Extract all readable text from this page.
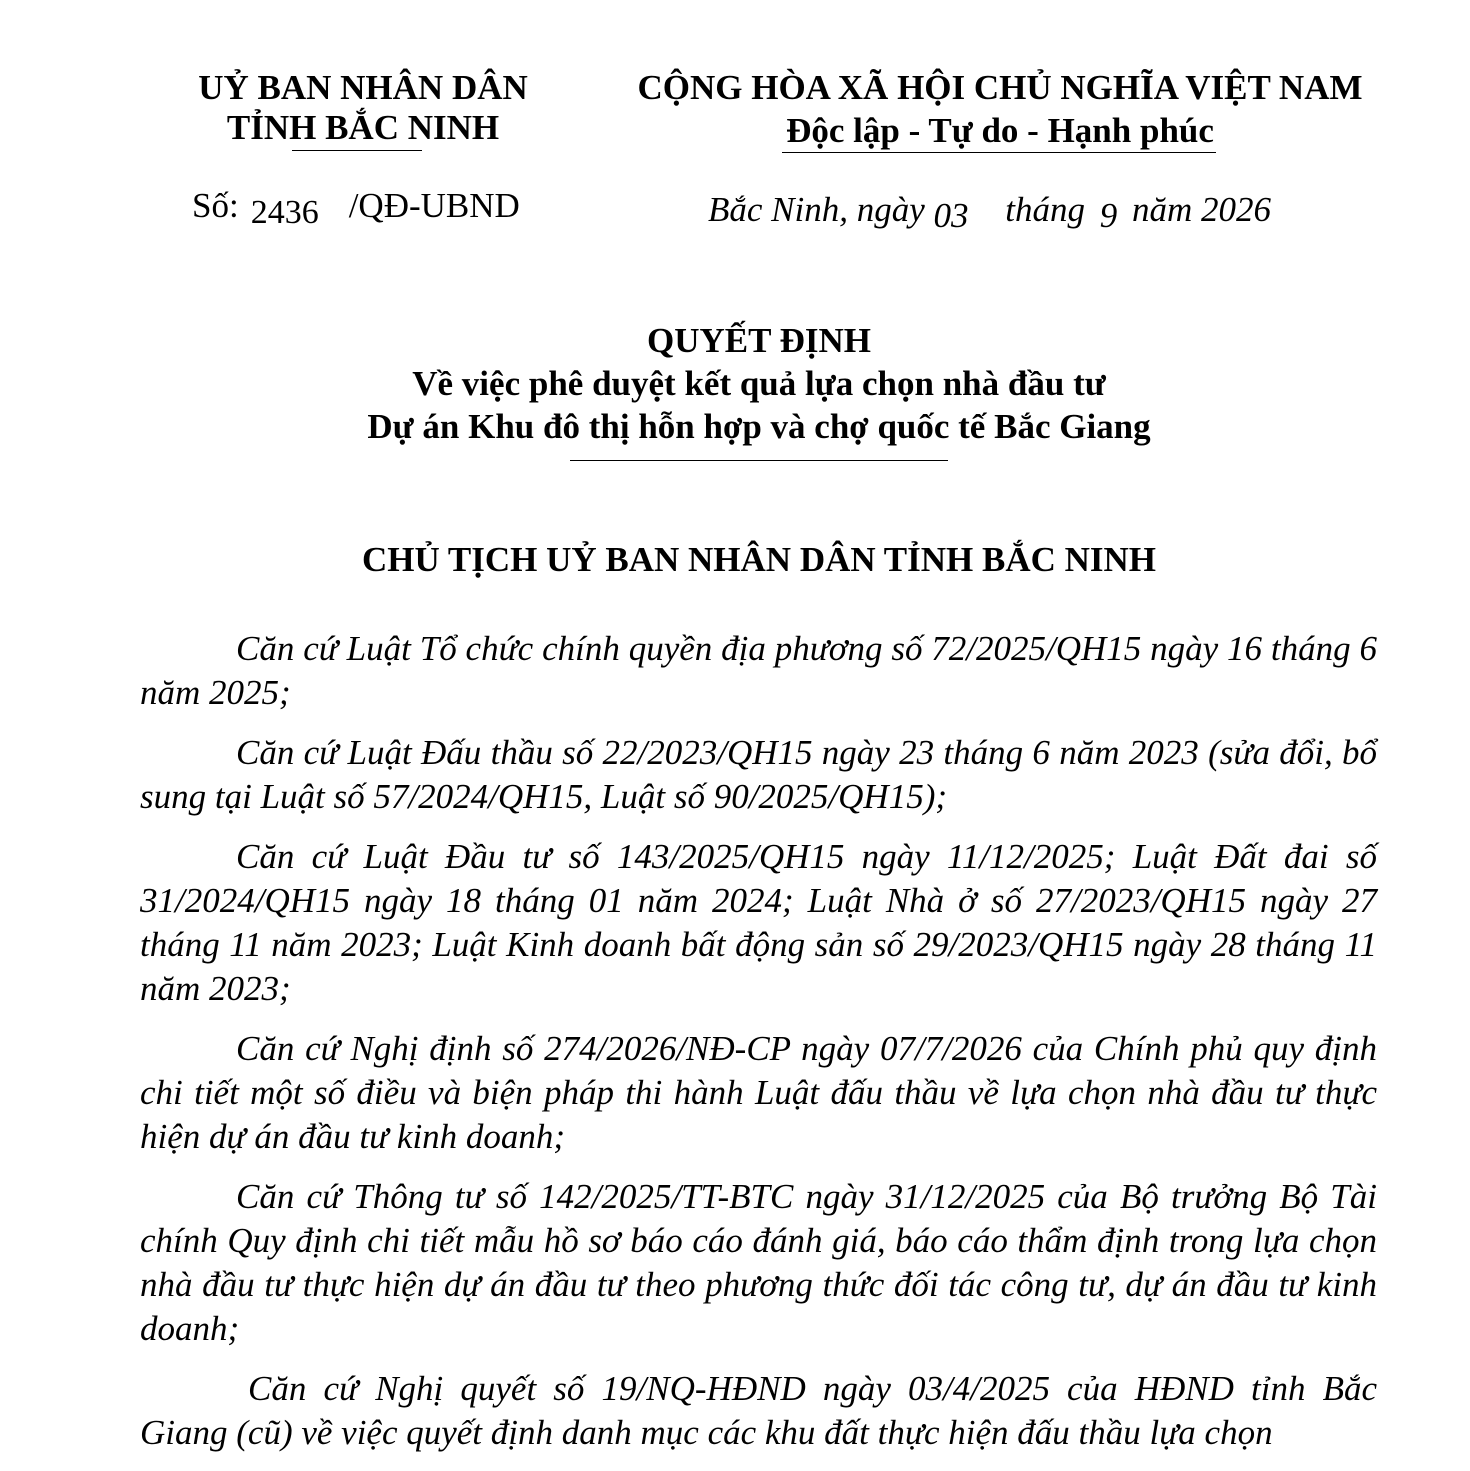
UỶ BAN NHÂN DÂN
TỈNH BẮC NINH
CỘNG HÒA XÃ HỘI CHỦ NGHĨA VIỆT NAM
Độc lập - Tự do - Hạnh phúc
Số: 2436 /QĐ-UBND	Bắc Ninh, ngày 03 tháng 9 năm 2026
QUYẾT ĐỊNH
Về việc phê duyệt kết quả lựa chọn nhà đầu tư
Dự án Khu đô thị hỗn hợp và chợ quốc tế Bắc Giang
CHỦ TỊCH UỶ BAN NHÂN DÂN TỈNH BẮC NINH

Căn cứ Luật Tổ chức chính quyền địa phương số 72/2025/QH15 ngày 16 tháng 6 năm 2025;

Căn cứ Luật Đấu thầu số 22/2023/QH15 ngày 23 tháng 6 năm 2023 (sửa đổi, bổ sung tại Luật số 57/2024/QH15, Luật số 90/2025/QH15);

Căn cứ Luật Đầu tư số 143/2025/QH15 ngày 11/12/2025; Luật Đất đai số 31/2024/QH15 ngày 18 tháng 01 năm 2024; Luật Nhà ở số 27/2023/QH15 ngày 27 tháng 11 năm 2023; Luật Kinh doanh bất động sản số 29/2023/QH15 ngày 28 tháng 11 năm 2023;

Căn cứ Nghị định số 274/2026/NĐ-CP ngày 07/7/2026 của Chính phủ quy định chi tiết một số điều và biện pháp thi hành Luật đấu thầu về lựa chọn nhà đầu tư thực hiện dự án đầu tư kinh doanh;

Căn cứ Thông tư số 142/2025/TT-BTC ngày 31/12/2025 của Bộ trưởng Bộ Tài chính Quy định chi tiết mẫu hồ sơ báo cáo đánh giá, báo cáo thẩm định trong lựa chọn nhà đầu tư thực hiện dự án đầu tư theo phương thức đối tác công tư, dự án đầu tư kinh doanh;

Căn cứ Nghị quyết số 19/NQ-HĐND ngày 03/4/2025 của HĐND tỉnh Bắc Giang (cũ) về việc quyết định danh mục các khu đất thực hiện đấu thầu lựa chọn
